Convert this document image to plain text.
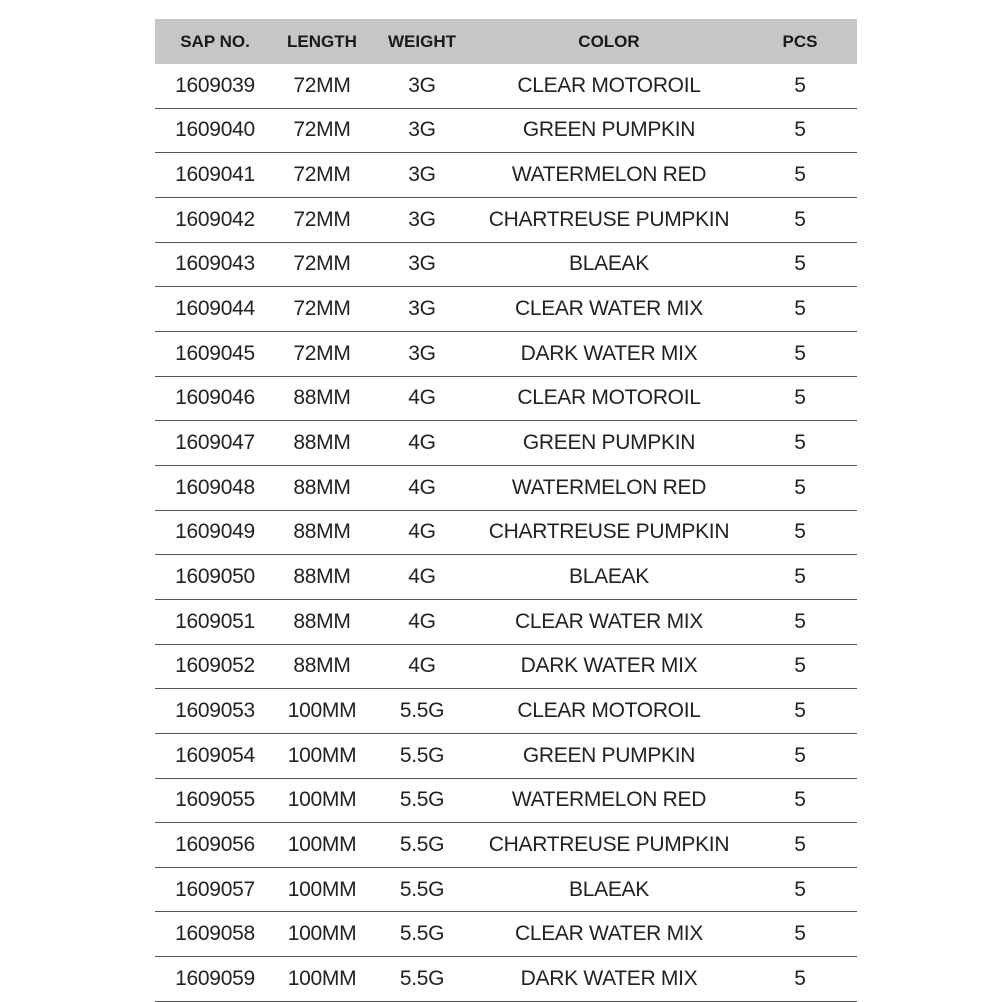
SAP NO.	LENGTH	WEIGHT	COLOR	PCS
1609039	72MM	3G	CLEAR MOTOROIL	5
1609040	72MM	3G	GREEN PUMPKIN	5
1609041	72MM	3G	WATERMELON RED	5
1609042	72MM	3G	CHARTREUSE PUMPKIN	5
1609043	72MM	3G	BLAEAK	5
1609044	72MM	3G	CLEAR WATER MIX	5
1609045	72MM	3G	DARK WATER MIX	5
1609046	88MM	4G	CLEAR MOTOROIL	5
1609047	88MM	4G	GREEN PUMPKIN	5
1609048	88MM	4G	WATERMELON RED	5
1609049	88MM	4G	CHARTREUSE PUMPKIN	5
1609050	88MM	4G	BLAEAK	5
1609051	88MM	4G	CLEAR WATER MIX	5
1609052	88MM	4G	DARK WATER MIX	5
1609053	100MM	5.5G	CLEAR MOTOROIL	5
1609054	100MM	5.5G	GREEN PUMPKIN	5
1609055	100MM	5.5G	WATERMELON RED	5
1609056	100MM	5.5G	CHARTREUSE PUMPKIN	5
1609057	100MM	5.5G	BLAEAK	5
1609058	100MM	5.5G	CLEAR WATER MIX	5
1609059	100MM	5.5G	DARK WATER MIX	5
